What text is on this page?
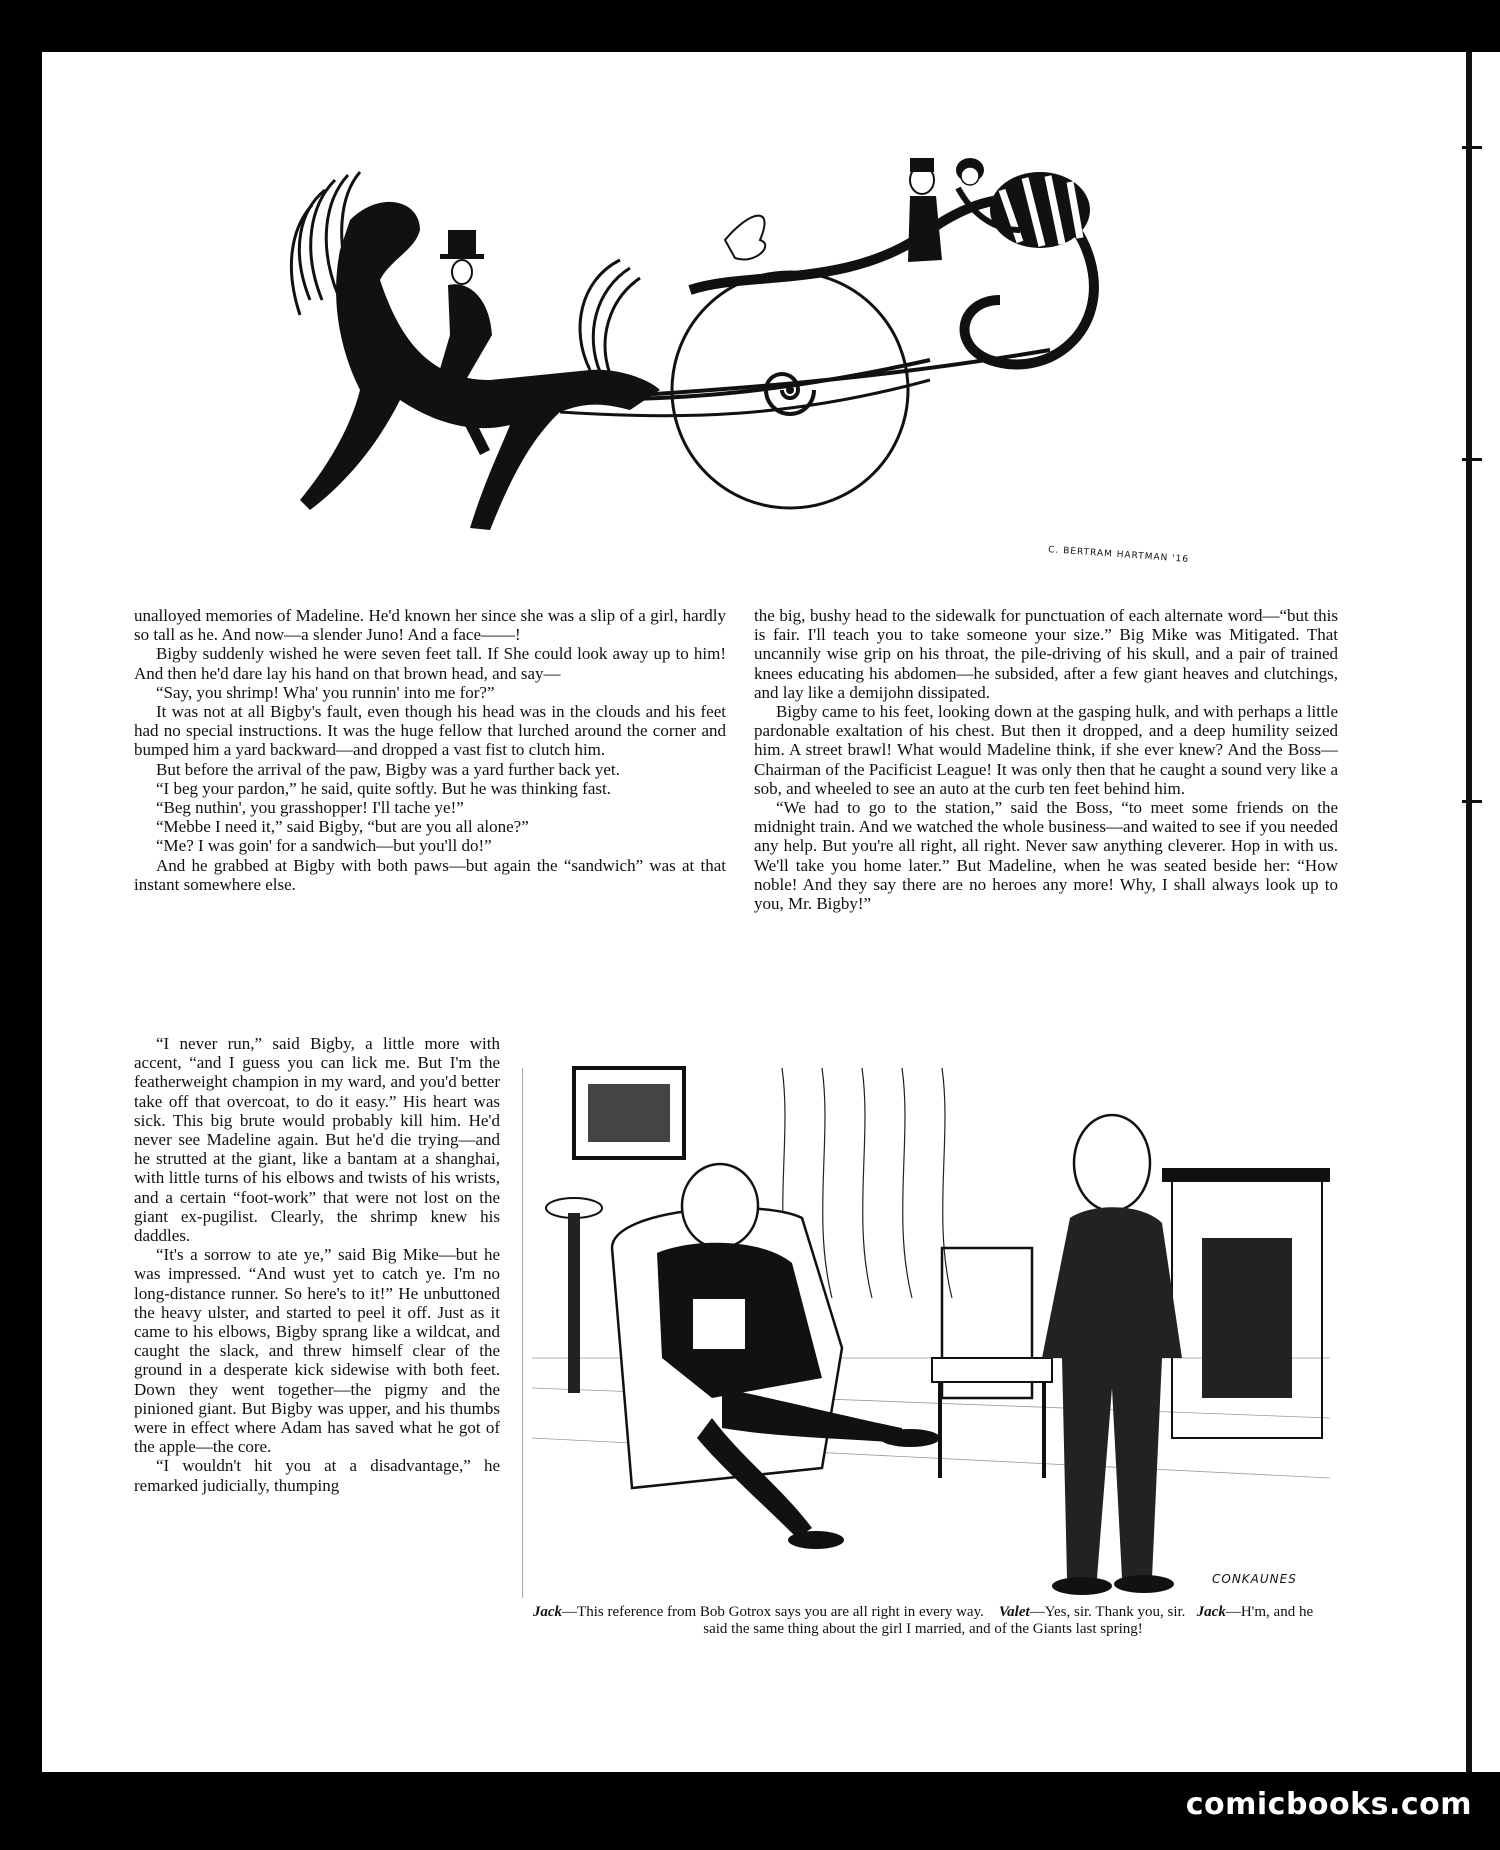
C. BERTRAM HARTMAN '16

unalloyed memories of Madeline. He'd known her since she was a slip of a girl, hardly so tall as he. And now—a slender Juno! And a face——!

Bigby suddenly wished he were seven feet tall. If She could look away up to him! And then he'd dare lay his hand on that brown head, and say—

“Say, you shrimp! Wha' you runnin' into me for?”

It was not at all Bigby's fault, even though his head was in the clouds and his feet had no special instructions. It was the huge fellow that lurched around the corner and bumped him a yard backward—and dropped a vast fist to clutch him.

But before the arrival of the paw, Bigby was a yard further back yet.

“I beg your pardon,” he said, quite softly. But he was thinking fast.

“Beg nuthin', you grasshopper! I'll tache ye!”

“Mebbe I need it,” said Bigby, “but are you all alone?”

“Me? I was goin' for a sandwich—but you'll do!”

And he grabbed at Bigby with both paws—but again the “sandwich” was at that instant somewhere else.

“I never run,” said Bigby, a little more with accent, “and I guess you can lick me. But I'm the featherweight champion in my ward, and you'd better take off that overcoat, to do it easy.” His heart was sick. This big brute would probably kill him. He'd never see Madeline again. But he'd die trying—and he strutted at the giant, like a bantam at a shanghai, with little turns of his elbows and twists of his wrists, and a certain “foot-work” that were not lost on the giant ex-pugilist. Clearly, the shrimp knew his daddles.

“It's a sorrow to ate ye,” said Big Mike—but he was impressed. “And wust yet to catch ye. I'm no long-distance runner. So here's to it!” He unbuttoned the heavy ulster, and started to peel it off. Just as it came to his elbows, Bigby sprang like a wildcat, and caught the slack, and threw himself clear of the ground in a desperate kick sidewise with both feet. Down they went together—the pigmy and the pinioned giant. But Bigby was upper, and his thumbs were in effect where Adam has saved what he got of the apple—the core.

“I wouldn't hit you at a disadvantage,” he remarked judicially, thumping

the big, bushy head to the sidewalk for punctuation of each alternate word—“but this is fair. I'll teach you to take someone your size.” Big Mike was Mitigated. That uncannily wise grip on his throat, the pile-driving of his skull, and a pair of trained knees educating his abdomen—he subsided, after a few giant heaves and clutchings, and lay like a demijohn dissipated.

Bigby came to his feet, looking down at the gasping hulk, and with perhaps a little pardonable exaltation of his chest. But then it dropped, and a deep humility seized him. A street brawl! What would Madeline think, if she ever knew? And the Boss—Chairman of the Pacificist League! It was only then that he caught a sound very like a sob, and wheeled to see an auto at the curb ten feet behind him.

“We had to go to the station,” said the Boss, “to meet some friends on the midnight train. And we watched the whole business—and waited to see if you needed any help. But you're all right, all right. Never saw anything cleverer. Hop in with us. We'll take you home later.” But Madeline, when he was seated beside her: “How noble! And they say there are no heroes any more! Why, I shall always look up to you, Mr. Bigby!”

CONKAUNES
Jack—This reference from Bob Gotrox says you are all right in every way. Valet—Yes, sir. Thank you, sir. Jack—H'm, and he said the same thing about the girl I married, and of the Giants last spring!
comicbooks.com
